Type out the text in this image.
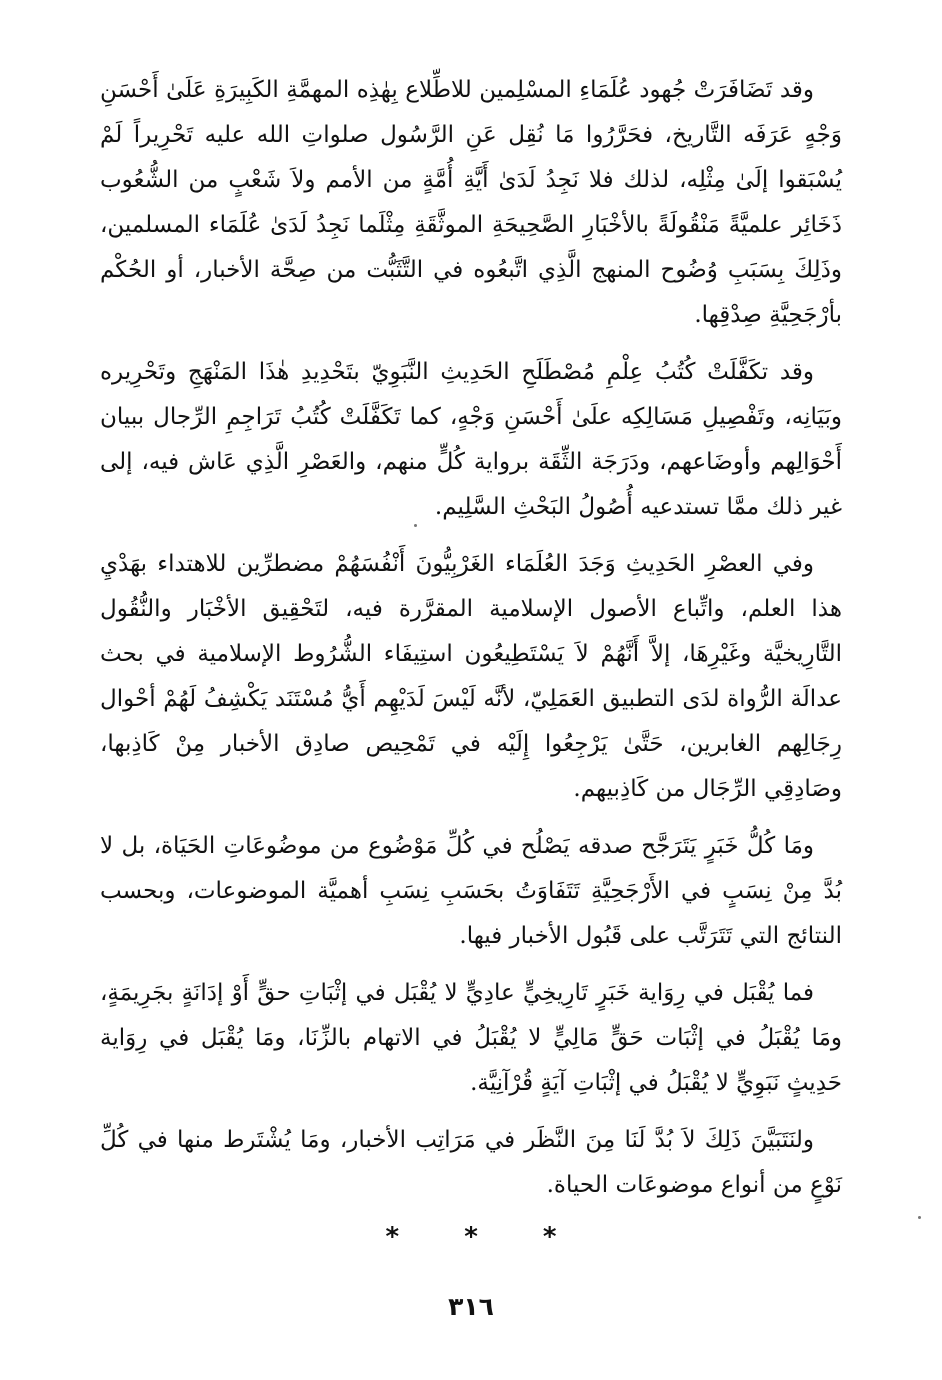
وقد تَضَافَرَتْ جُهود عُلَمَاءِ المسْلِمين للاطِّلاع بِهٰذِه المهمَّةِ الكَبِيرَةِ عَلَىٰ أَحْسَنِ وَجْهٍ عَرَفَه التَّاريخ، فحَرَّرُوا مَا نُقِل عَنِ الرَّسُول صلواتِ الله عليه تَحْرِيراً لَمْ يُسْبَقوا إلَىٰ مِثْلِه، لذلك فلا نَجِدُ لَدَىٰ أَيَّةِ أُمَّةٍ من الأمم ولاَ شَعْبٍ من الشُّعُوب ذَخَائِر علميَّةً مَنْقُولَةً بالأخْبَارِ الصَّحِيحَةِ الموثَّقَةِ مِثْلَما نَجِدُ لَدَىٰ عُلَمَاء المسلمين، وذَلِكَ بِسَبَبِ وُضُوح المنهج الَّذِي اتَّبعُوه في التَّثَبُّت من صِحَّة الأخبار، أو الحُكْم بأرْجَحِيَّةِ صِدْقِها.

وقد تكَفَّلَتْ كُتُبُ عِلْمِ مُصْطَلَحِ الحَدِيثِ النَّبَوِيّ بتَحْدِيدِ هٰذَا المَنْهَجِ وتَحْرِيره وبَيَانِه، وتَفْصِيلِ مَسَالِكِه علَىٰ أَحْسَنِ وَجْهٍ، كما تَكَفَّلَتْ كُتُبُ تَرَاجِمِ الرِّجال ببيان أَحْوَالِهم وأوضَاعهم، ودَرَجَة الثِّقَة برواية كُلٍّ منهم، والعَصْرِ الَّذِي عَاش فيه، إلى غير ذلك ممَّا تستدعيه أُصُولُ البَحْثِ السَّلِيم.

وفي العصْرِ الحَدِيثِ وَجَدَ العُلَمَاء الغَرْبِيُّونَ أَنْفُسَهُمْ مضطرِّين للاهتداء بهَدْيِ هذا العلم، واتِّباع الأصول الإسلامية المقرَّرة فيه، لتَحْقِيق الأخْبَار والنُّقُول التَّارِيخيَّة وغَيْرِهَا، إلاَّ أَنَّهُمْ لاَ يَسْتَطِيعُون استِيفَاء الشُّرُوط الإسلامية في بحث عدالَة الرُّواة لدَى التطبيق العَمَلِيّ، لأنَّه لَيْسَ لَدَيْهِم أَيُّ مُسْتَنَد يَكْشِفُ لَهُمْ أحْوال رِجَالِهم الغابرين، حَتَّىٰ يَرْجِعُوا إِلَيْه في تَمْحِيص صادِق الأخبار مِنْ كَاذِبها، وصَادِقِي الرِّجَال من كَاذِبيهم.

ومَا كُلُّ خَبَرٍ يَتَرَجَّح صدقه يَصْلُح في كُلِّ مَوْضُوع من موضُوعَاتِ الحَيَاة، بل لا بُدَّ مِنْ نِسَبٍ في الأَرْجَحِيَّةِ تَتَفَاوَتُ بحَسَبِ نِسَبِ أهميَّة الموضوعات، وبحسب النتائج التي تَتَرَتَّب على قَبُول الأخبار فيها.

فما يُقْبَل في رِوَاية خَبَرٍ تَارِيخِيٍّ عادِيٍّ لا يُقْبَل في إثْبَاتِ حقٍّ أَوْ إدَانَةٍ بجَرِيمَةٍ، ومَا يُقْبَلُ في إثْبَات حَقٍّ مَالِيٍّ لا يُقْبَلُ في الاتهام بالزِّنَا، ومَا يُقْبَل في رِوَاية حَدِيثٍ نَبَوِيٍّ لا يُقْبَلُ في إثْبَاتِ آيَةٍ قُرْآنِيَّة.

ولنَتَبَيَّنَ ذَلِكَ لاَ بُدَّ لَنَا مِنَ النَّظَر في مَرَاتِب الأخبار، ومَا يُشْتَرط منها في كُلِّ نَوْعٍ من أنواع موضوعَات الحياة.

* * *
٣١٦
